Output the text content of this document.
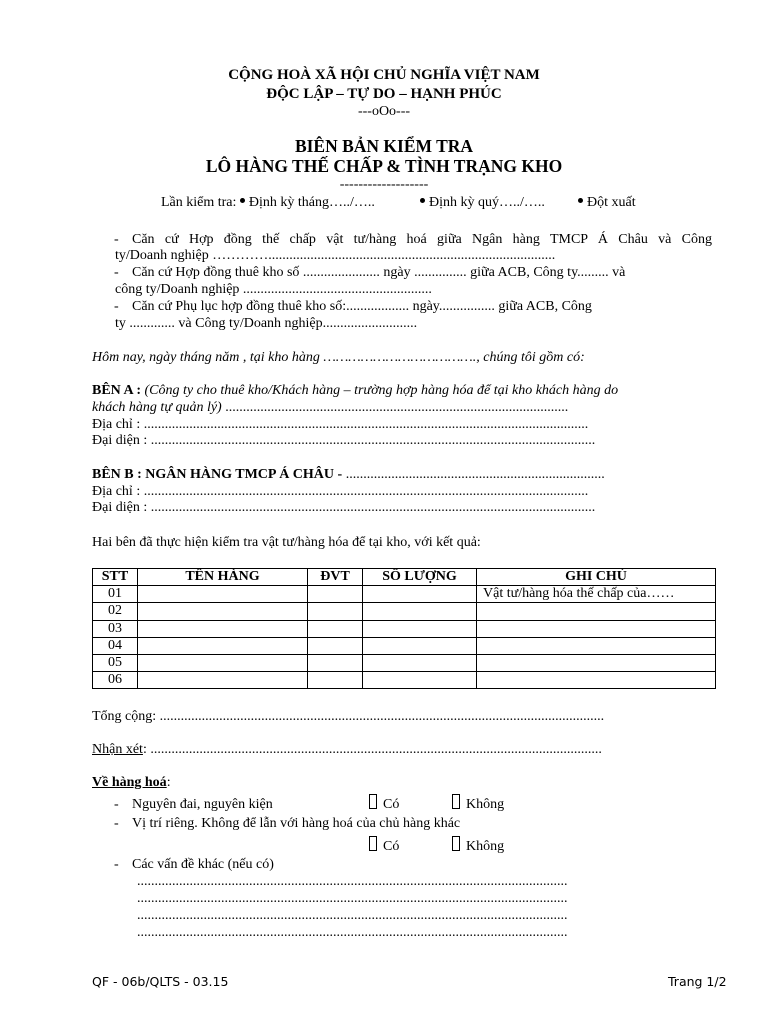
CỘNG HOÀ XÃ HỘI CHỦ NGHĨA VIỆT NAM
ĐỘC LẬP – TỰ DO – HẠNH PHÚC
---oOo---
BIÊN BẢN KIỂM TRA
LÔ HÀNG THẾ CHẤP & TÌNH TRẠNG KHO
-------------------
Lần kiểm tra: Định kỳ tháng…../…..	Định kỳ quý…../…..	Đột xuất
- Căn cứ Hợp đồng thế chấp vật tư/hàng hoá giữa Ngân hàng TMCP Á Châu và Công
ty/Doanh nghiệp …………..................................................................................
- Căn cứ Hợp đồng thuê kho số ...................... ngày ............... giữa ACB, Công ty......... và
công ty/Doanh nghiệp ......................................................
- Căn cứ Phụ lục hợp đồng thuê kho số:.................. ngày................ giữa ACB, Công
ty ............. và Công ty/Doanh nghiệp...........................
Hôm nay, ngày tháng năm , tại kho hàng ………………………………., chúng tôi gồm có:
BÊN A : (Công ty cho thuê kho/Khách hàng – trường hợp hàng hóa để tại kho khách hàng do
khách hàng tự quản lý) ..................................................................................................
Địa chỉ : ...............................................................................................................................
Đại diện : ...............................................................................................................................
BÊN B : NGÂN HÀNG TMCP Á CHÂU - ..........................................................................
Địa chỉ : ...............................................................................................................................
Đại diện : ...............................................................................................................................
Hai bên đã thực hiện kiểm tra vật tư/hàng hóa để tại kho, với kết quả:
STT	TÊN HÀNG	ĐVT	SỐ LƯỢNG	GHI CHÚ
01				Vật tư/hàng hóa thế chấp của……
02				
03				
04				
05				
06				
Tổng cộng: ...............................................................................................................................
Nhận xét: .................................................................................................................................
Về hàng hoá:
- Nguyên đai, nguyên kiện	Có	Không
- Vị trí riêng. Không để lẫn với hàng hoá của chủ hàng khác
Có	Không
- Các vấn đề khác (nếu có)
...........................................................................................................................
...........................................................................................................................
...........................................................................................................................
...........................................................................................................................
QF - 06b/QLTS - 03.15	Trang 1/2
